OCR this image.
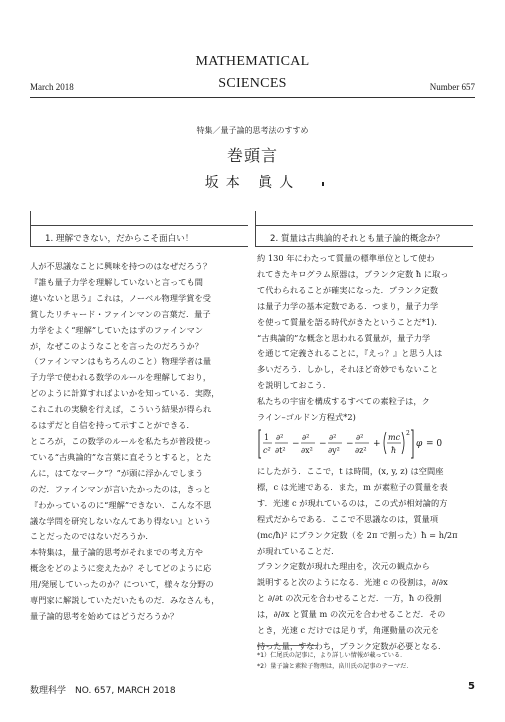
MATHEMATICAL
SCIENCES
March 2018	Number 657
特集／量子論的思考法のすすめ
巻頭言
坂本 眞人
1. 理解できない，だからこそ面白い！	2. 質量は古典論的それとも量子論的概念か？

人が不思議なことに興味を持つのはなぜだろう？

『誰も量子力学を理解していないと言っても間

違いないと思う』これは，ノーベル物理学賞を受

賞したリチャード・ファインマンの言葉だ．量子

力学をよく“理解”していたはずのファインマン

が，なぜこのようなことを言ったのだろうか？

（ファインマンはもちろんのこと）物理学者は量

子力学で使われる数学のルールを理解しており，

どのように計算すればよいかを知っている．実際，

これこれの実験を行えば，こういう結果が得られ

るはずだと自信を持って示すことができる．

ところが，この数学のルールを私たちが普段使っ

ている“古典論的”な言葉に直そうとすると，とた

んに，はてなマーク“？”が頭に浮かんでしまう

のだ．ファインマンが言いたかったのは，きっと

『わかっているのに“理解”できない．こんな不思

議な学問を研究しないなんてあり得ない』という

ことだったのではないだろうか．

本特集は，量子論的思考がそれまでの考え方や

概念をどのように変えたか？そしてどのように応

用/発展していったのか？について，様々な分野の

専門家に解説していただいたものだ．みなさんも，

量子論的思考を始めてはどうだろうか？

約 130 年にわたって質量の標準単位として使わ

れてきたキログラム原器は，プランク定数 ħ に取っ

て代わられることが確実になった．プランク定数

は量子力学の基本定数である．つまり，量子力学

を使って質量を語る時代がきたということだ*1)．

“古典論的”な概念と思われる質量が，量子力学

を通じて定義されることに，『えっ？』と思う人は

多いだろう．しかし，それほど奇妙でもないこと

を説明しておこう．

私たちの宇宙を構成するすべての素粒子は，ク

ライン–ゴルドン方程式*2)

1
c²
∂²
∂t²
−
∂²
∂x²
−
∂²
∂y²
−
∂²
∂z²
+
mc
ħ
2
φ = 0

にしたがう．ここで，t は時間，(x, y, z) は空間座

標，c は光速である．また，m が素粒子の質量を表

す．光速 c が現れているのは，この式が相対論的方

程式だからである．ここで不思議なのは，質量項

(mc/ħ)² にプランク定数（を 2π で割った）ħ = h/2π

が現れていることだ．

プランク定数が現れた理由を，次元の観点から

説明すると次のようになる．光速 c の役割は，∂/∂x

と ∂/∂t の次元を合わせることだ．一方，ħ の役割

は，∂/∂x と質量 m の次元を合わせることだ．その

とき，光速 c だけでは足りず，角運動量の次元を

持った量，すなわち，プランク定数が必要となる．

*1）仁尾氏の記事に，より詳しい情報が載っている．
*2）量子論と素粒子物理は，畠川氏の記事のテーマだ．
数理科学　NO. 657, MARCH 2018	5
